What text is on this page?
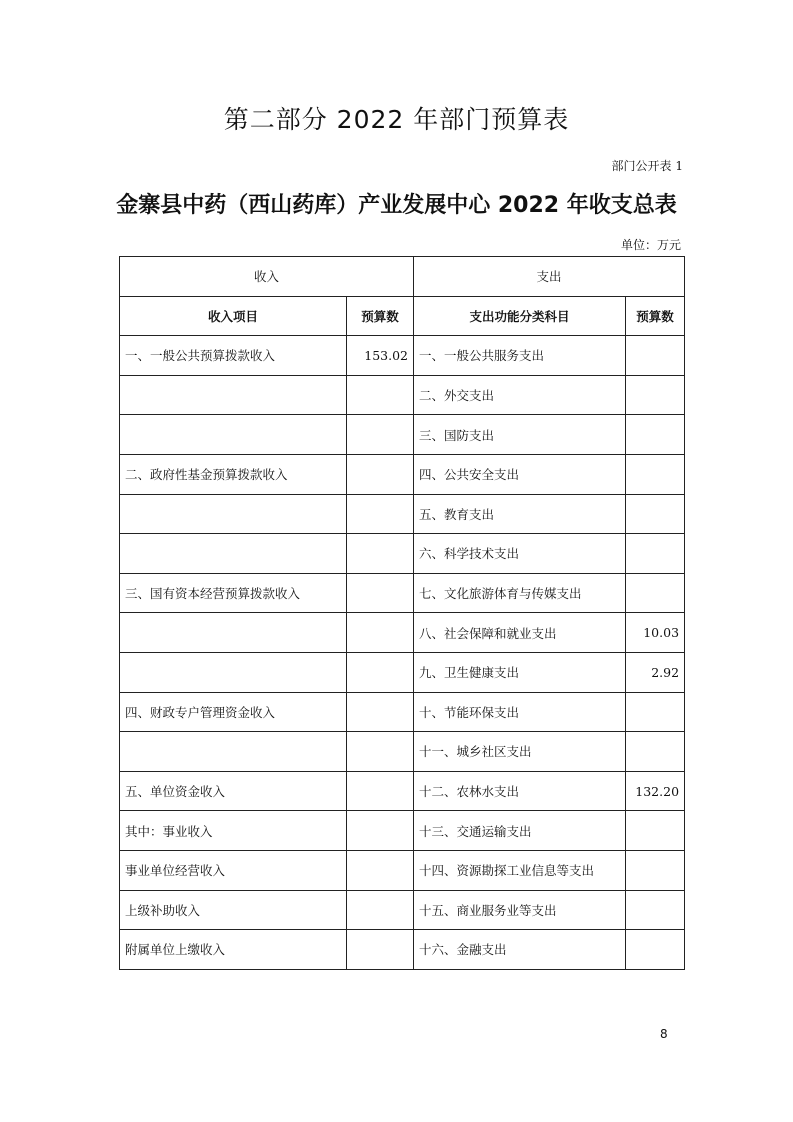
第二部分 2022 年部门预算表
部门公开表 1
金寨县中药（西山药库）产业发展中心 2022 年收支总表
单位：万元
收入		支出	
收入项目	预算数	支出功能分类科目	预算数
一、一般公共预算拨款收入	153.02	一、一般公共服务支出	
		二、外交支出	
		三、国防支出	
二、政府性基金预算拨款收入		四、公共安全支出	
		五、教育支出	
		六、科学技术支出	
三、国有资本经营预算拨款收入		七、文化旅游体育与传媒支出	
		八、社会保障和就业支出	10.03
		九、卫生健康支出	2.92
四、财政专户管理资金收入		十、节能环保支出	
		十一、城乡社区支出	
五、单位资金收入		十二、农林水支出	132.20
其中：事业收入		十三、交通运输支出	
事业单位经营收入		十四、资源勘探工业信息等支出	
上级补助收入		十五、商业服务业等支出	
附属单位上缴收入		十六、金融支出	
8
